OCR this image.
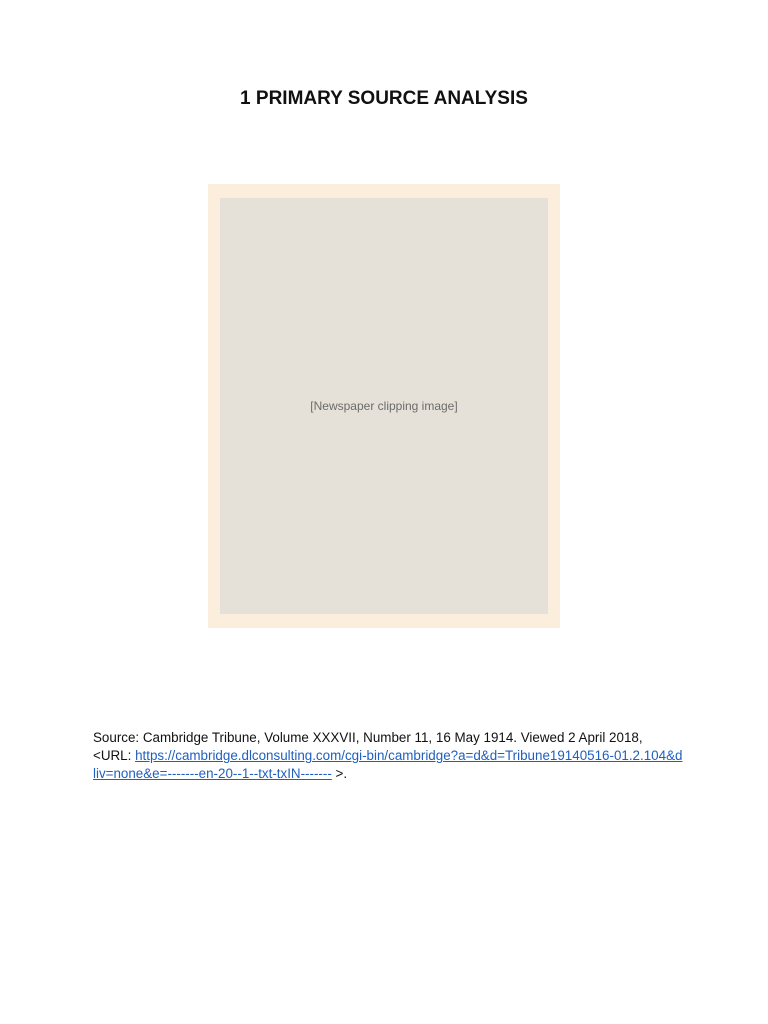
1 PRIMARY SOURCE ANALYSIS
[Newspaper clipping image]

Source: Cambridge Tribune, Volume XXXVII, Number 11, 16 May 1914. Viewed 2 April 2018, <URL: https://cambridge.dlconsulting.com/cgi-bin/cambridge?a=d&d=Tribune19140516-01.2.104&dliv=none&e=-------en-20--1--txt-txIN------- >.
